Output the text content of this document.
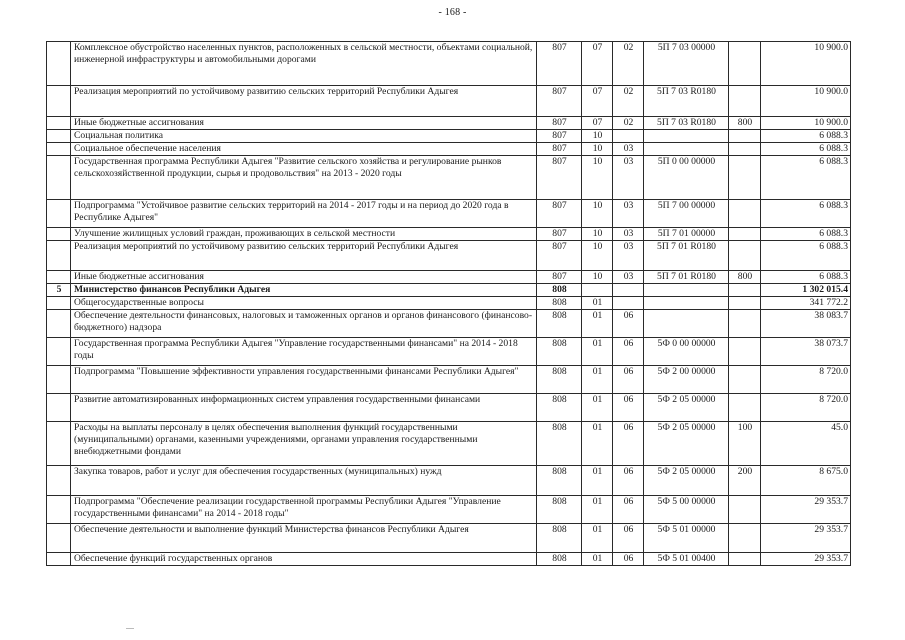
- 168 -
	Комплексное обустройство населенных пунктов, расположенных в сельской местности, объектами социальной, инженерной инфраструктуры и автомобильными дорогами	807	07	02	5П 7 03 00000		10 900.0
	Реализация мероприятий по устойчивому развитию сельских территорий Республики Адыгея	807	07	02	5П 7 03 R0180		10 900.0
	Иные бюджетные ассигнования	807	07	02	5П 7 03 R0180	800	10 900.0
	Социальная политика	807	10				6 088.3
	Социальное обеспечение населения	807	10	03			6 088.3
	Государственная программа Республики Адыгея "Развитие сельского хозяйства и регулирование рынков сельскохозяйственной продукции, сырья и продовольствия" на 2013 - 2020 годы	807	10	03	5П 0 00 00000		6 088.3
	Подпрограмма "Устойчивое развитие сельских территорий на 2014 - 2017 годы и на период до 2020 года в Республике Адыгея"	807	10	03	5П 7 00 00000		6 088.3
	Улучшение жилищных условий граждан, проживающих в сельской местности	807	10	03	5П 7 01 00000		6 088.3
	Реализация мероприятий по устойчивому развитию сельских территорий Республики Адыгея	807	10	03	5П 7 01 R0180		6 088.3
	Иные бюджетные ассигнования	807	10	03	5П 7 01 R0180	800	6 088.3
5	Министерство финансов Республики Адыгея	808					1 302 015.4
	Общегосударственные вопросы	808	01				341 772.2
	Обеспечение деятельности финансовых, налоговых и таможенных органов и органов финансового (финансово-бюджетного) надзора	808	01	06			38 083.7
	Государственная программа Республики Адыгея "Управление государственными финансами" на 2014 - 2018 годы	808	01	06	5Ф 0 00 00000		38 073.7
	Подпрограмма "Повышение эффективности управления государственными финансами Республики Адыгея"	808	01	06	5Ф 2 00 00000		8 720.0
	Развитие автоматизированных информационных систем управления государственными финансами	808	01	06	5Ф 2 05 00000		8 720.0
	Расходы на выплаты персоналу в целях обеспечения выполнения функций государственными (муниципальными) органами, казенными учреждениями, органами управления государственными внебюджетными фондами	808	01	06	5Ф 2 05 00000	100	45.0
	Закупка товаров, работ и услуг для обеспечения государственных (муниципальных) нужд	808	01	06	5Ф 2 05 00000	200	8 675.0
	Подпрограмма "Обеспечение реализации государственной программы Республики Адыгея "Управление государственными финансами" на 2014 - 2018 годы"	808	01	06	5Ф 5 00 00000		29 353.7
	Обеспечение деятельности и выполнение функций Министерства финансов Республики Адыгея	808	01	06	5Ф 5 01 00000		29 353.7
	Обеспечение функций государственных органов	808	01	06	5Ф 5 01 00400		29 353.7
